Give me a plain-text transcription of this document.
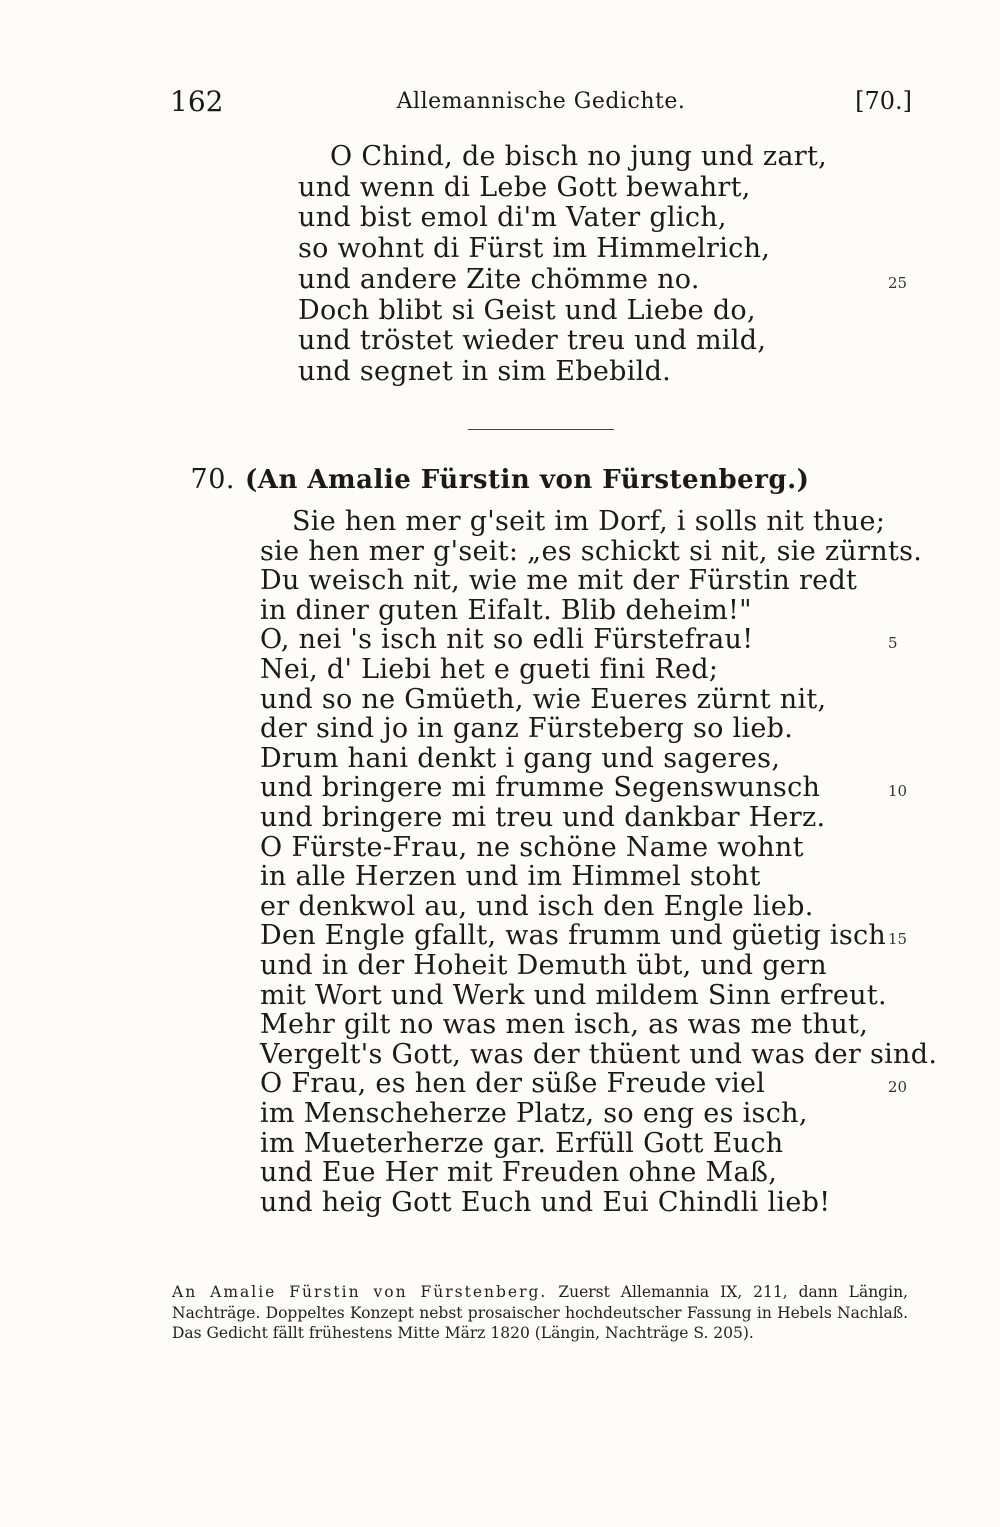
162	Allemannische Gedichte.	[70.]
O Chind, de bisch no jung und zart,
und wenn di Lebe Gott bewahrt,
und bist emol di'm Vater glich,
so wohnt di Fürst im Himmelrich,
und andere Zite chömme no.
Doch blibt si Geist und Liebe do,
und tröstet wieder treu und mild,
und segnet in sim Ebebild.
25
70. (An Amalie Fürstin von Fürstenberg.)
Sie hen mer g'seit im Dorf, i solls nit thue;
sie hen mer g'seit: „es schickt si nit, sie zürnts.
Du weisch nit, wie me mit der Fürstin redt
in diner guten Eifalt. Blib deheim!"
O, nei 's isch nit so edli Fürstefrau!
Nei, d' Liebi het e gueti fini Red;
und so ne Gmüeth, wie Eueres zürnt nit,
der sind jo in ganz Fürsteberg so lieb.
Drum hani denkt i gang und sageres,
und bringere mi frumme Segenswunsch
und bringere mi treu und dankbar Herz.
O Fürste-Frau, ne schöne Name wohnt
in alle Herzen und im Himmel stoht
er denkwol au, und isch den Engle lieb.
Den Engle gfallt, was frumm und güetig isch
und in der Hoheit Demuth übt, und gern
mit Wort und Werk und mildem Sinn erfreut.
Mehr gilt no was men isch, as was me thut,
Vergelt's Gott, was der thüent und was der sind.
O Frau, es hen der süße Freude viel
im Menscheherze Platz, so eng es isch,
im Mueterherze gar. Erfüll Gott Euch
und Eue Her mit Freuden ohne Maß,
und heig Gott Euch und Eui Chindli lieb!
5
10
15
20

An Amalie Fürstin von Fürstenberg. Zuerst Allemannia IX, 211, dann Längin, Nachträge. Doppeltes Konzept nebst prosaischer hochdeutscher Fassung in Hebels Nachlaß. Das Gedicht fällt frühestens Mitte März 1820 (Längin, Nachträge S. 205).
